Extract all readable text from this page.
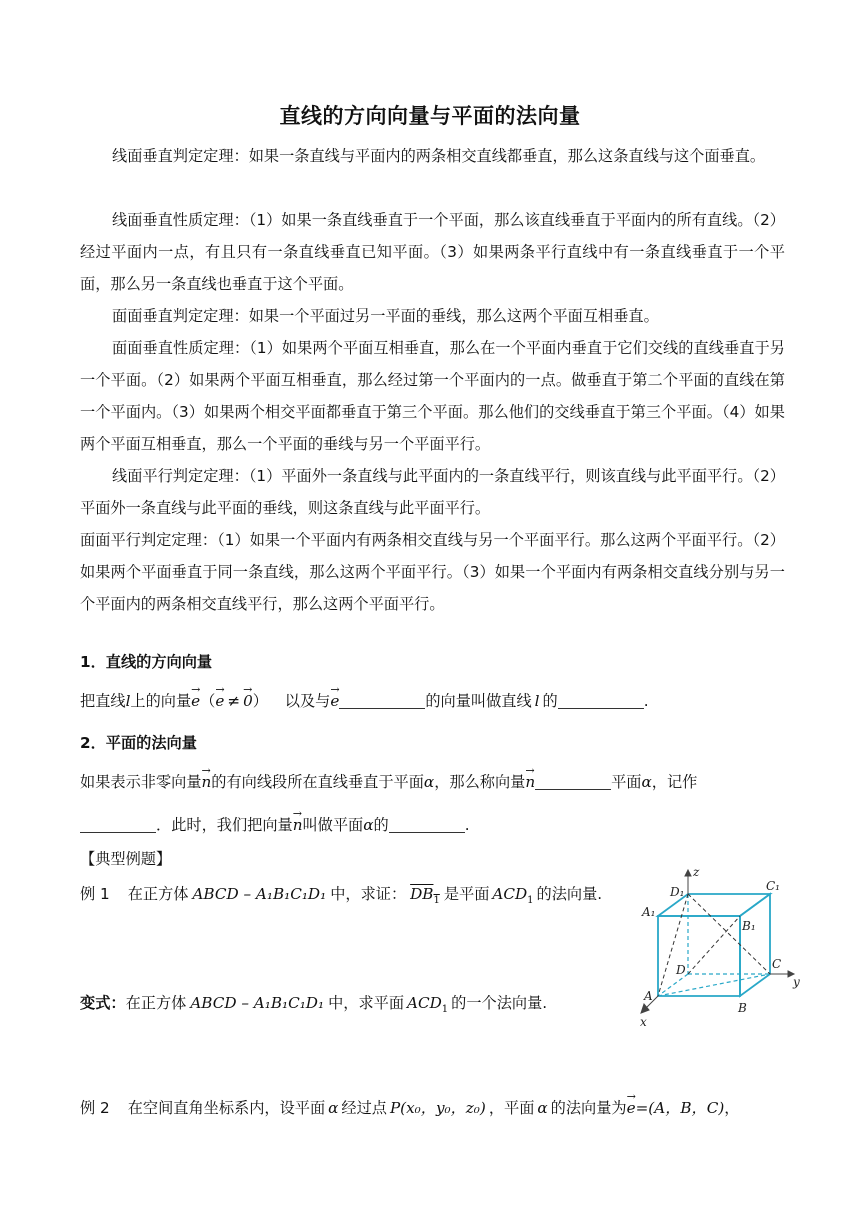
直线的方向向量与平面的法向量

线面垂直判定定理：如果一条直线与平面内的两条相交直线都垂直，那么这条直线与这个面垂直。

线面垂直性质定理：（1）如果一条直线垂直于一个平面，那么该直线垂直于平面内的所有直线。（2）经过平面内一点，有且只有一条直线垂直已知平面。（3）如果两条平行直线中有一条直线垂直于一个平面，那么另一条直线也垂直于这个平面。

面面垂直判定定理：如果一个平面过另一平面的垂线，那么这两个平面互相垂直。

面面垂直性质定理：（1）如果两个平面互相垂直，那么在一个平面内垂直于它们交线的直线垂直于另一个平面。（2）如果两个平面互相垂直，那么经过第一个平面内的一点。做垂直于第二个平面的直线在第一个平面内。（3）如果两个相交平面都垂直于第三个平面。那么他们的交线垂直于第三个平面。（4）如果两个平面互相垂直，那么一个平面的垂线与另一个平面平行。

线面平行判定定理：（1）平面外一条直线与此平面内的一条直线平行，则该直线与此平面平行。（2）平面外一条直线与此平面的垂线，则这条直线与此平面平行。

面面平行判定定理：（1）如果一个平面内有两条相交直线与另一个平面平行。那么这两个平面平行。（2）如果两个平面垂直于同一条直线，那么这两个平面平行。（3）如果一个平面内有两条相交直线分别与另一个平面内的两条相交直线平行，那么这两个平面平行。

1．直线的方向向量
把直线l上的向量→ e（→ e ≠ → 0） 以及与→ e	的向量叫做直线 l 的	.
2．平面的法向量
如果表示非零向量→ n的有向线段所在直线垂直于平面α，那么称向量→ n	平面α，记作
．此时，我们把向量→ n叫做平面α的	.
【典型例题】
例 1 在正方体 ABCD – A₁B₁C₁D₁ 中，求证： $DB_1$ 是平面 $ACD_1$ 的法向量.
变式：在正方体 ABCD – A₁B₁C₁D₁ 中，求平面 $ACD_1$ 的一个法向量.
例 2 在空间直角坐标系内，设平面 α 经过点 P(x₀，y₀，z₀) ，平面 α 的法向量为→ e=(A，B，C)，
z
y
x
D₁	C₁
A₁
B₁
D	C
A
B
